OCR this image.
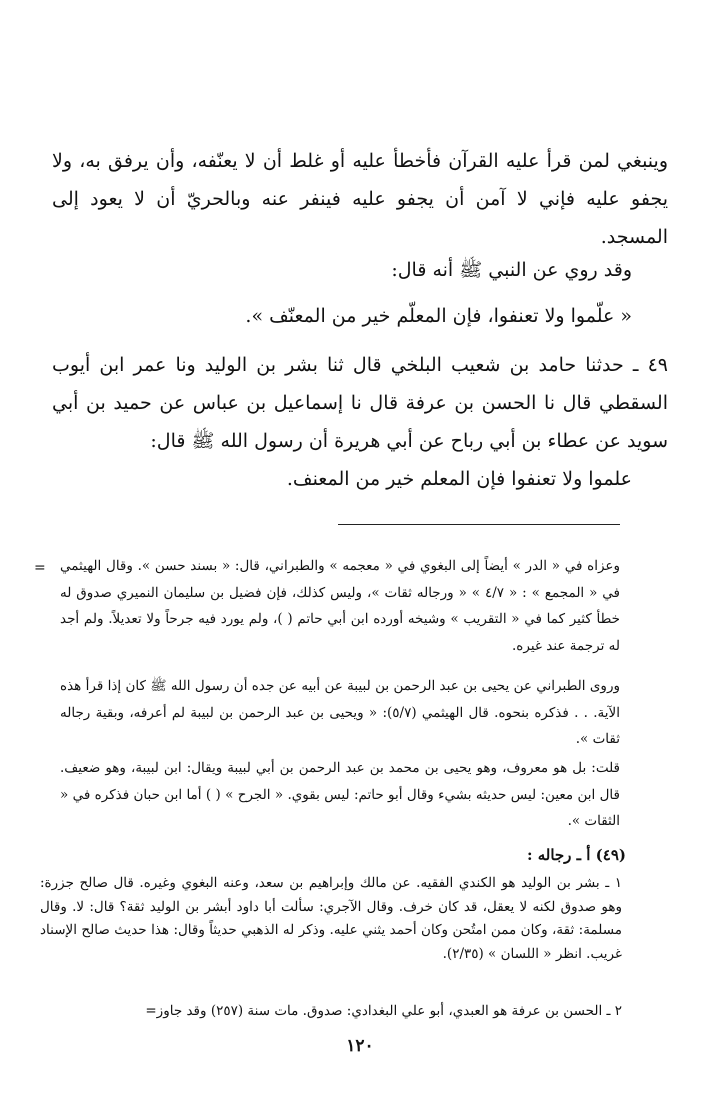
وينبغي لمن قرأ عليه القرآن فأخطأ عليه أو غلط أن لا يعنّفه، وأن يرفق به، ولا يجفو عليه فإني لا آمن أن يجفو عليه فينفر عنه وبالحريّ أن لا يعود إلى المسجد.

وقد روي عن النبي ﷺ أنه قال:

« علّموا ولا تعنفوا، فإن المعلّم خير من المعنّف ».

٤٩ ـ حدثنا حامد بن شعيب البلخي قال ثنا بشر بن الوليد ونا عمر ابن أيوب السقطي قال نا الحسن بن عرفة قال نا إسماعيل بن عباس عن حميد بن أبي سويد عن عطاء بن أبي رباح عن أبي هريرة أن رسول الله ﷺ قال:

علموا ولا تعنفوا فإن المعلم خير من المعنف.

= وعزاه في « الدر » أيضاً إلى البغوي في « معجمه » والطبراني، قال: « بسند حسن ». وقال الهيثمي في « المجمع » : « ٤/٧ » « ورجاله ثقات »، وليس كذلك، فإن فضيل بن سليمان النميري صدوق له خطأ كثير كما في « التقريب » وشيخه أورده ابن أبي حاتم ( )، ولم يورد فيه جرحاً ولا تعديلاً. ولم أجد له ترجمة عند غيره.

وروى الطبراني عن يحيى بن عبد الرحمن بن لبيبة عن أبيه عن جده أن رسول الله ﷺ كان إذا قرأ هذه الآية. . . فذكره بنحوه. قال الهيثمي (٥/٧): « ويحيى بن عبد الرحمن بن لبيبة لم أعرفه، وبقية رجاله ثقات ».

قلت: بل هو معروف، وهو يحيى بن محمد بن عبد الرحمن بن أبي لبيبة ويقال: ابن لبيبة، وهو ضعيف. قال ابن معين: ليس حديثه بشيء وقال أبو حاتم: ليس بقوي. « الجرح » ( ) أما ابن حبان فذكره في « الثقات ».

(٤٩) أ ـ رجاله :

١ ـ بشر بن الوليد هو الكندي الفقيه. عن مالك وإبراهيم بن سعد، وعنه البغوي وغيره. قال صالح جزرة: وهو صدوق لكنه لا يعقل، قد كان خرف. وقال الآجري: سألت أبا داود أبشر بن الوليد ثقة؟ قال: لا. وقال مسلمة: ثقة، وكان ممن امتُحن وكان أحمد يثني عليه. وذكر له الذهبي حديثاً وقال: هذا حديث صالح الإسناد غريب. انظر « اللسان » (٢/٣٥).

٢ ـ الحسن بن عرفة هو العبدي، أبو علي البغدادي: صدوق. مات سنة (٢٥٧) وقد جاوز=

١٢٠
